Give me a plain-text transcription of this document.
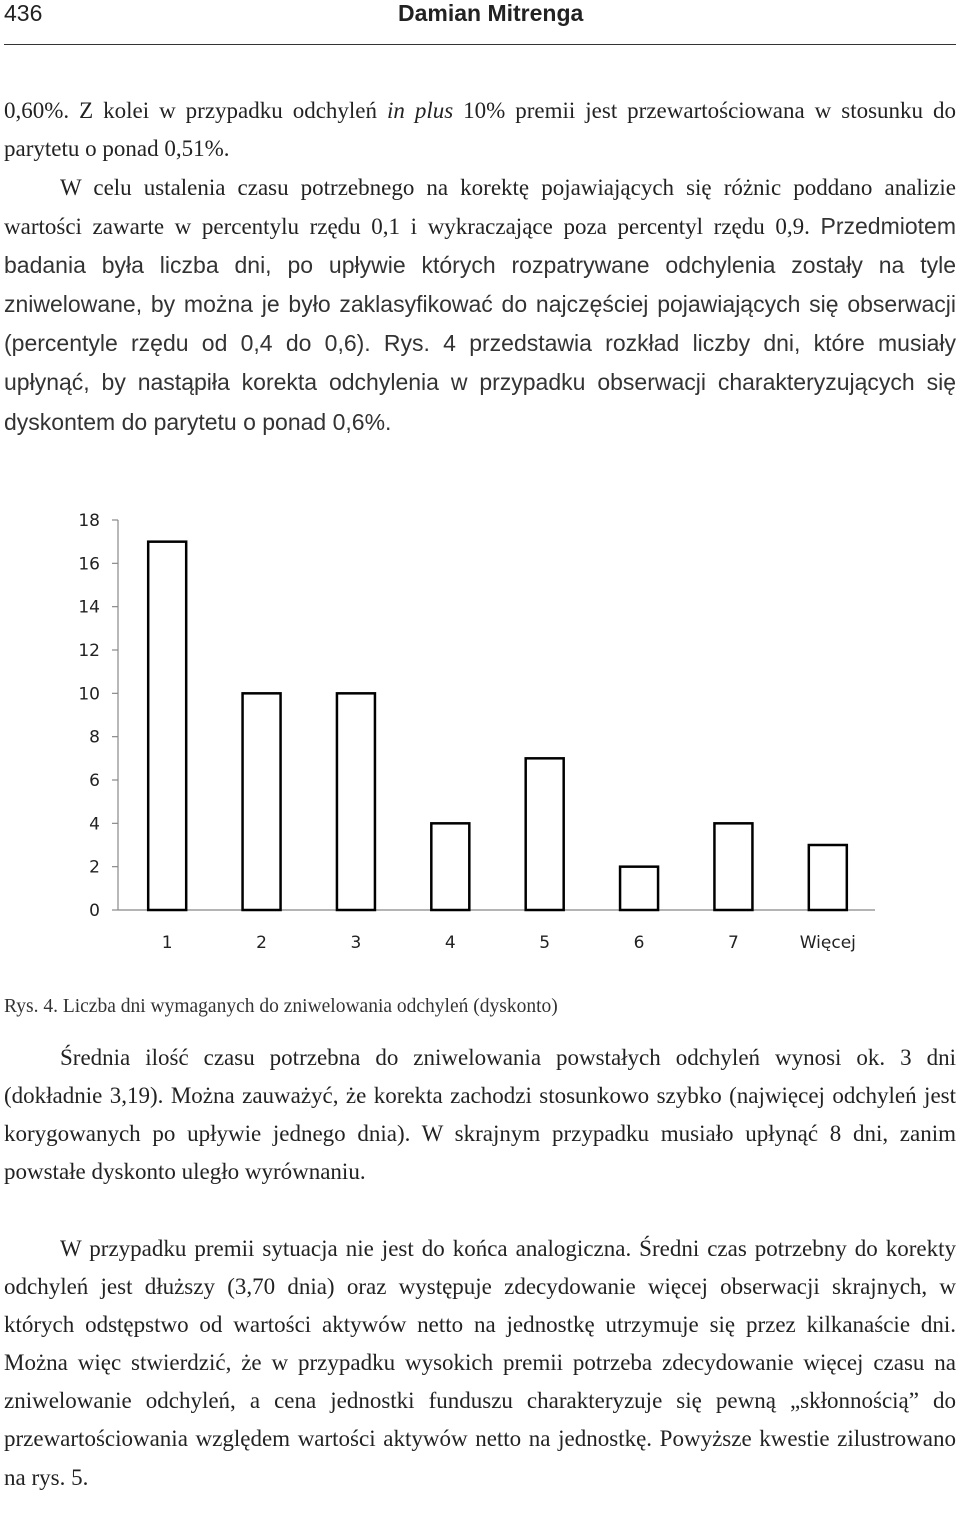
436	Damian Mitrenga

0,60%. Z kolei w przypadku odchyleń in plus 10% premii jest przewartościowana w stosunku do parytetu o ponad 0,51%.

W celu ustalenia czasu potrzebnego na korektę pojawiających się różnic poddano analizie wartości zawarte w percentylu rzędu 0,1 i wykraczające poza percentyl rzędu 0,9. Przedmiotem badania była liczba dni, po upływie których rozpatrywane odchylenia zostały na tyle zniwelowane, by można je było zaklasyfikować do najczęściej pojawiających się obserwacji (percentyle rzędu od 0,4 do 0,6). Rys. 4 przedstawia rozkład liczby dni, które musiały upłynąć, by nastąpiła korekta odchylenia w przypadku obserwacji charakteryzujących się dyskontem do parytetu o ponad 0,6%.

0
2
4
6
8
10
12
14
16
18
1	2	3	4	5	6	7	Więcej
Rys. 4. Liczba dni wymaganych do zniwelowania odchyleń (dyskonto)

Średnia ilość czasu potrzebna do zniwelowania powstałych odchyleń wynosi ok. 3 dni (dokładnie 3,19). Można zauważyć, że korekta zachodzi stosunkowo szybko (najwięcej odchyleń jest korygowanych po upływie jednego dnia). W skrajnym przypadku musiało upłynąć 8 dni, zanim powstałe dyskonto uległo wyrównaniu.

W przypadku premii sytuacja nie jest do końca analogiczna. Średni czas potrzebny do korekty odchyleń jest dłuższy (3,70 dnia) oraz występuje zdecydowanie więcej obserwacji skrajnych, w których odstępstwo od wartości aktywów netto na jednostkę utrzymuje się przez kilkanaście dni. Można więc stwierdzić, że w przypadku wysokich premii potrzeba zdecydowanie więcej czasu na zniwelowanie odchyleń, a cena jednostki funduszu charakteryzuje się pewną „skłonnością” do przewartościowania względem wartości aktywów netto na jednostkę. Powyższe kwestie zilustrowano na rys. 5.
